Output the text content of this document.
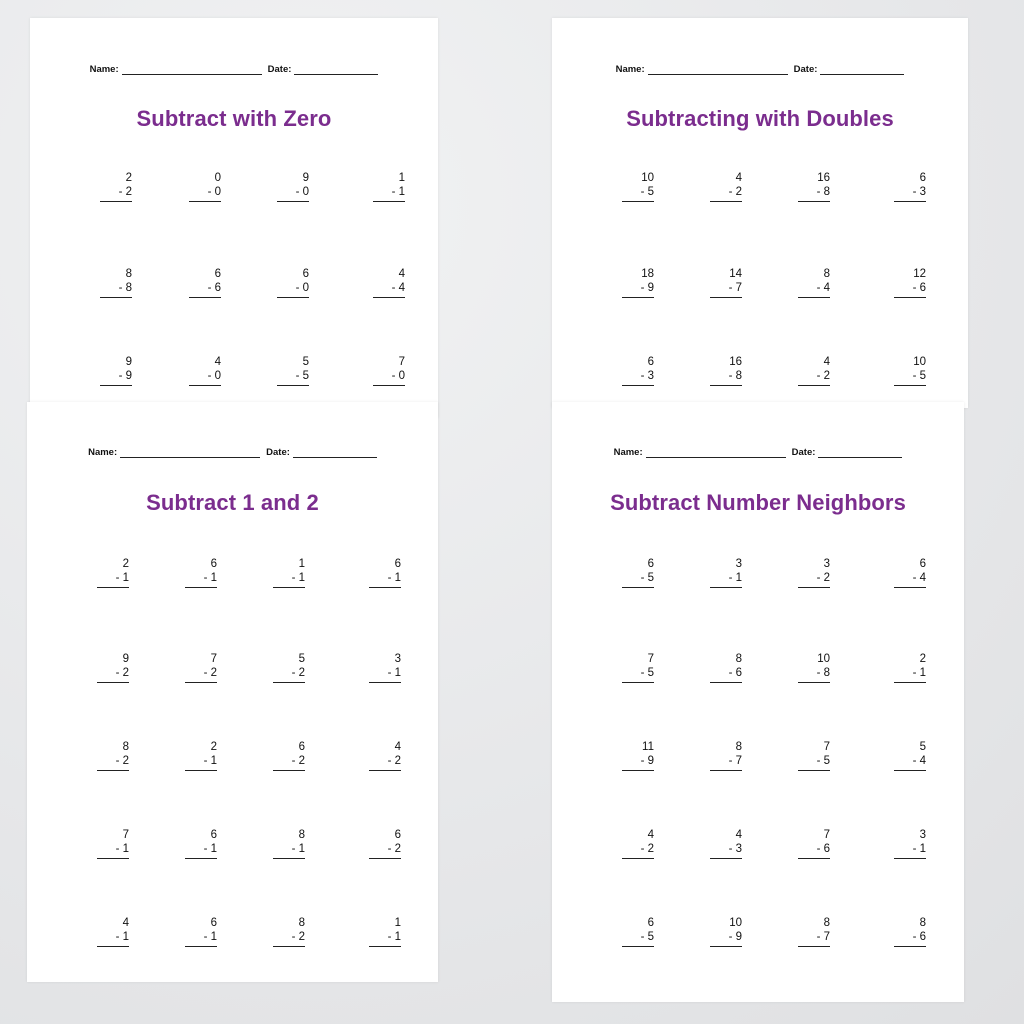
Name:	Date:
Subtract with Zero
2
- 2
0
- 0
9
- 0
1
- 1
8
- 8
6
- 6
6
- 0
4
- 4
9
- 9
4
- 0
5
- 5
7
- 0
Name:	Date:
Subtracting with Doubles
10
- 5
4
- 2
16
- 8
6
- 3
18
- 9
14
- 7
8
- 4
12
- 6
6
- 3
16
- 8
4
- 2
10
- 5
Name:	Date:
Subtract 1 and 2
2
- 1
6
- 1
1
- 1
6
- 1
9
- 2
7
- 2
5
- 2
3
- 1
8
- 2
2
- 1
6
- 2
4
- 2
7
- 1
6
- 1
8
- 1
6
- 2
4
- 1
6
- 1
8
- 2
1
- 1
Name:	Date:
Subtract Number Neighbors
6
- 5
3
- 1
3
- 2
6
- 4
7
- 5
8
- 6
10
- 8
2
- 1
11
- 9
8
- 7
7
- 5
5
- 4
4
- 2
4
- 3
7
- 6
3
- 1
6
- 5
10
- 9
8
- 7
8
- 6
